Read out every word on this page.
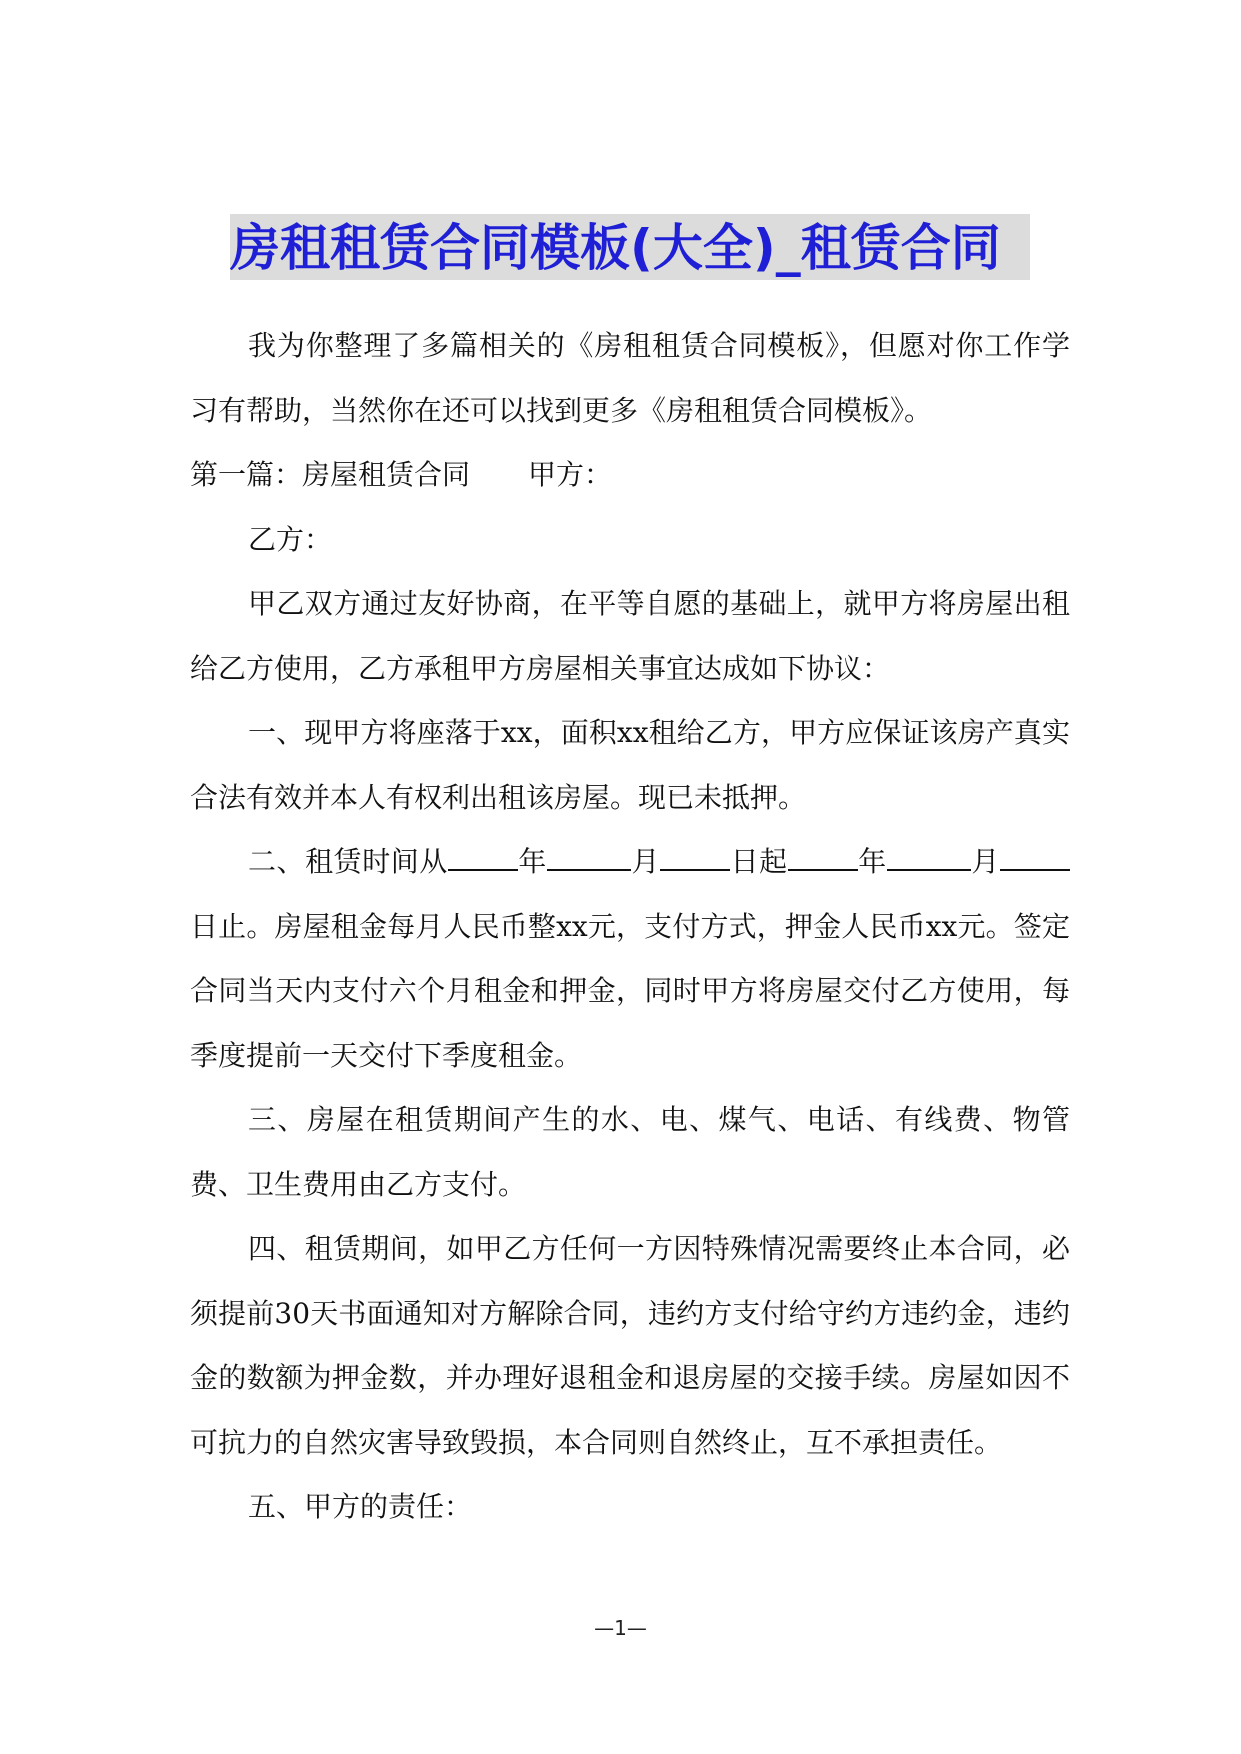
房租租赁合同模板(大全)_租赁合同

我为你整理了多篇相关的《房租租赁合同模板》，但愿对你工作学习有帮助，当然你在还可以找到更多《房租租赁合同模板》。

第一篇：房屋租赁合同 甲方：

乙方：

甲乙双方通过友好协商，在平等自愿的基础上，就甲方将房屋出租给乙方使用，乙方承租甲方房屋相关事宜达成如下协议：

一、现甲方将座落于xx，面积xx租给乙方，甲方应保证该房产真实合法有效并本人有权利出租该房屋。现已未抵押。

二、租赁时间从	年	月	日起	年	月日止。房屋租金每月人民币整xx元，支付方式，押金人民币xx元。签定合同当天内支付六个月租金和押金，同时甲方将房屋交付乙方使用，每季度提前一天交付下季度租金。

三、房屋在租赁期间产生的水、电、煤气、电话、有线费、物管费、卫生费用由乙方支付。

四、租赁期间，如甲乙方任何一方因特殊情况需要终止本合同，必须提前30天书面通知对方解除合同，违约方支付给守约方违约金，违约金的数额为押金数，并办理好退租金和退房屋的交接手续。房屋如因不可抗力的自然灾害导致毁损，本合同则自然终止，互不承担责任。

五、甲方的责任：

—1—
